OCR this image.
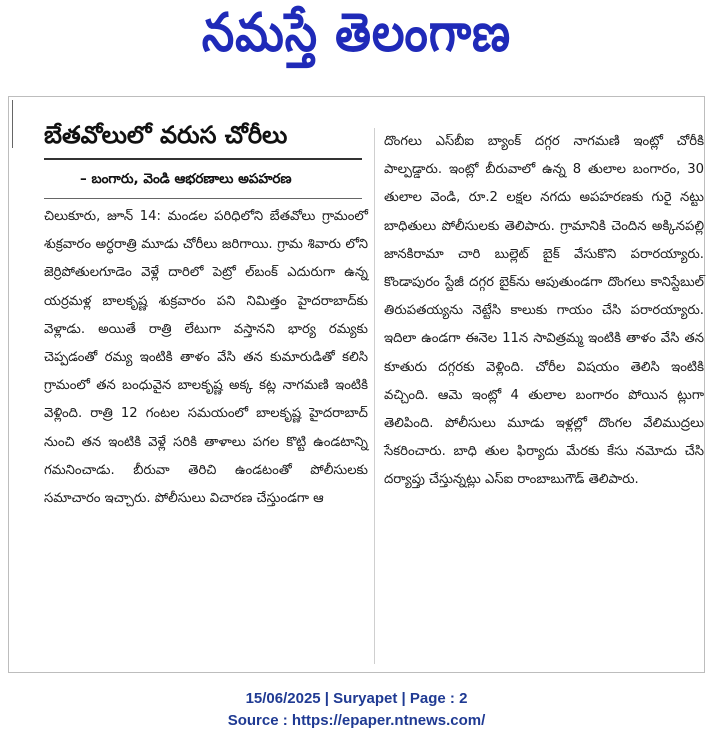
నమస్తే తెలంగాణ
బేతవోలులో వరుస చోరీలు
– బంగారు, వెండి ఆభరణాలు అపహరణ

చిలుకూరు, జూన్ 14: మండల పరిధిలోని బేతవోలు గ్రామంలో శుక్రవారం అర్ధరాత్రి మూడు చోరీలు జరిగాయి. గ్రామ శివారు లోని జెర్రిపోతులగూడెం వెళ్లే దారిలో పెట్రో ల్‌బంక్ ఎదురుగా ఉన్న యర్రమళ్ల బాలకృష్ణ శుక్రవారం పని నిమిత్తం హైదరాబాద్‌కు వెళ్లాడు. అయితే రాత్రి లేటుగా వస్తానని భార్య రమ్యకు చెప్పడంతో రమ్య ఇంటికి తాళం వేసి తన కుమారుడితో కలిసి గ్రామంలో తన బంధువైన బాలకృష్ణ అక్క కట్ల నాగమణి ఇంటికి వెళ్లింది. రాత్రి 12 గంటల సమయంలో బాలకృష్ణ హైదరాబాద్ నుంచి తన ఇంటికి వెళ్లే సరికి తాళాలు పగల కొట్టి ఉండటాన్ని గమనించాడు. బీరువా తెరిచి ఉండటంతో పోలీసులకు సమాచారం ఇచ్చారు. పోలీసులు విచారణ చేస్తుండగా ఆ

దొంగలు ఎస్‌బీఐ బ్యాంక్ దగ్గర నాగమణి ఇంట్లో చోరీకి పాల్పడ్డారు. ఇంట్లో బీరువాలో ఉన్న 8 తులాల బంగారం, 30 తులాల వెండి, రూ.2 లక్షల నగదు అపహరణకు గురై నట్టు బాధితులు పోలీసులకు తెలిపారు. గ్రామానికి చెందిన అక్కినపల్లి జానకిరామా చారి బుల్లెట్ బైక్ వేసుకొని పరారయ్యారు. కొండాపురం స్టేజీ దగ్గర బైక్‌ను ఆపుతుండగా దొంగలు కానిస్టేబుల్ తిరుపతయ్యను నెట్టేసి కాలుకు గాయం చేసి పరారయ్యారు. ఇదిలా ఉండగా ఈనెల 11న సావిత్రమ్మ ఇంటికి తాళం వేసి తన కూతురు దగ్గరకు వెళ్లింది. చోరీల విషయం తెలిసి ఇంటికి వచ్చింది. ఆమె ఇంట్లో 4 తులాల బంగారం పోయిన ట్లుగా తెలిపింది. పోలీసులు మూడు ఇళ్లల్లో దొంగల వేలిముద్రలు సేకరించారు. బాధి తుల ఫిర్యాదు మేరకు కేసు నమోదు చేసి దర్యాప్తు చేస్తున్నట్లు ఎస్ఐ రాంబాబుగౌడ్ తెలిపారు.

15/06/2025 | Suryapet | Page : 2
Source : https://epaper.ntnews.com/
